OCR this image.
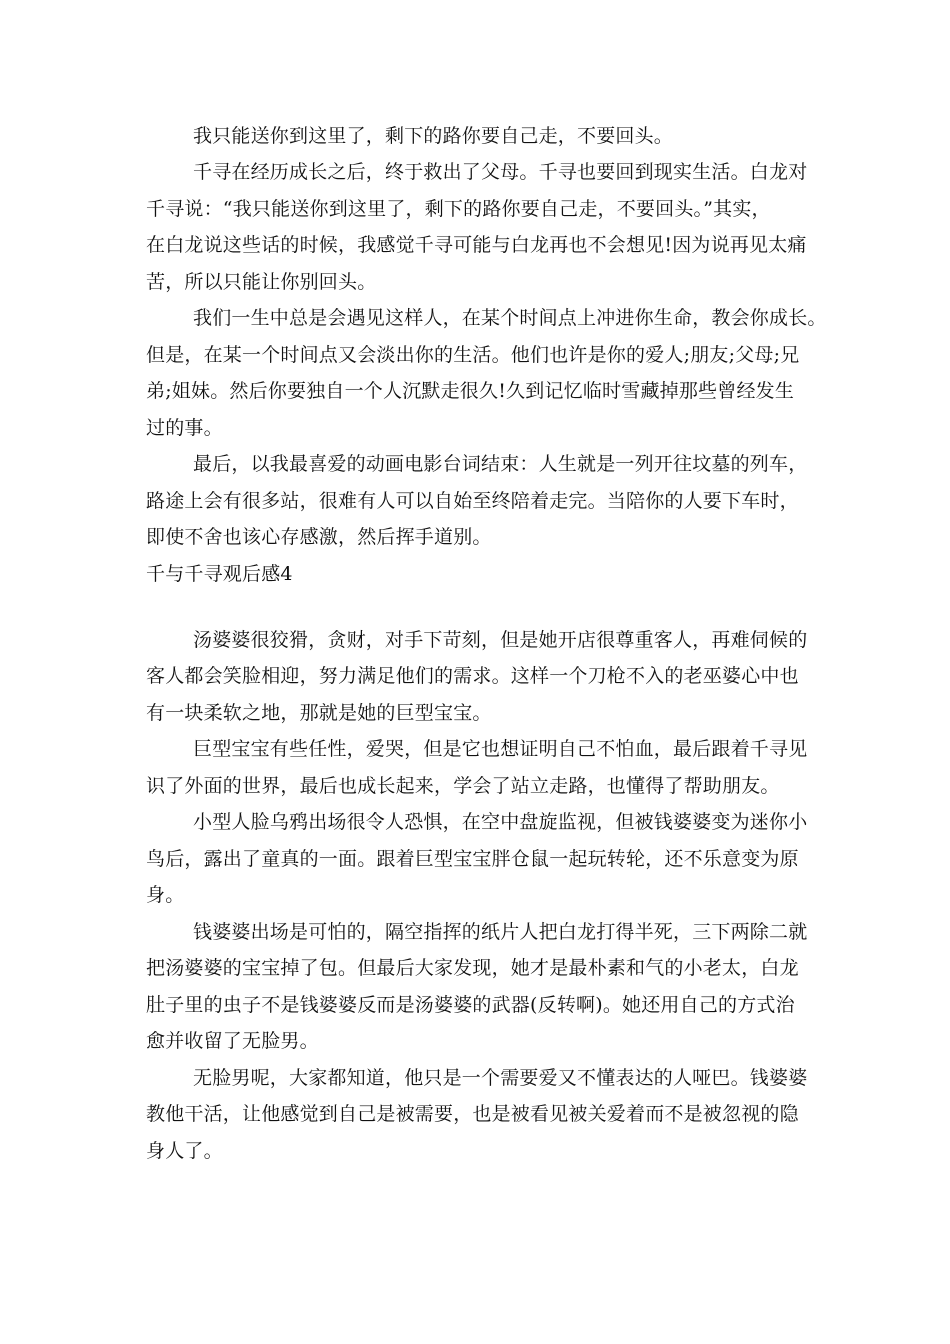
我只能送你到这里了，剩下的路你要自己走，不要回头。
千寻在经历成长之后，终于救出了父母。千寻也要回到现实生活。白龙对
千寻说：“我只能送你到这里了，剩下的路你要自己走，不要回头。”其实，
在白龙说这些话的时候，我感觉千寻可能与白龙再也不会想见!因为说再见太痛
苦，所以只能让你别回头。
我们一生中总是会遇见这样人，在某个时间点上冲进你生命，教会你成长。
但是，在某一个时间点又会淡出你的生活。他们也许是你的爱人;朋友;父母;兄
弟;姐妹。然后你要独自一个人沉默走很久!久到记忆临时雪藏掉那些曾经发生
过的事。
最后，以我最喜爱的动画电影台词结束：人生就是一列开往坟墓的列车，
路途上会有很多站，很难有人可以自始至终陪着走完。当陪你的人要下车时，
即使不舍也该心存感激，然后挥手道别。
千与千寻观后感4
汤婆婆很狡猾，贪财，对手下苛刻，但是她开店很尊重客人，再难伺候的
客人都会笑脸相迎，努力满足他们的需求。这样一个刀枪不入的老巫婆心中也
有一块柔软之地，那就是她的巨型宝宝。
巨型宝宝有些任性，爱哭，但是它也想证明自己不怕血，最后跟着千寻见
识了外面的世界，最后也成长起来，学会了站立走路，也懂得了帮助朋友。
小型人脸乌鸦出场很令人恐惧，在空中盘旋监视，但被钱婆婆变为迷你小
鸟后，露出了童真的一面。跟着巨型宝宝胖仓鼠一起玩转轮，还不乐意变为原
身。
钱婆婆出场是可怕的，隔空指挥的纸片人把白龙打得半死，三下两除二就
把汤婆婆的宝宝掉了包。但最后大家发现，她才是最朴素和气的小老太，白龙
肚子里的虫子不是钱婆婆反而是汤婆婆的武器(反转啊)。她还用自己的方式治
愈并收留了无脸男。
无脸男呢，大家都知道，他只是一个需要爱又不懂表达的人哑巴。钱婆婆
教他干活，让他感觉到自己是被需要，也是被看见被关爱着而不是被忽视的隐
身人了。
